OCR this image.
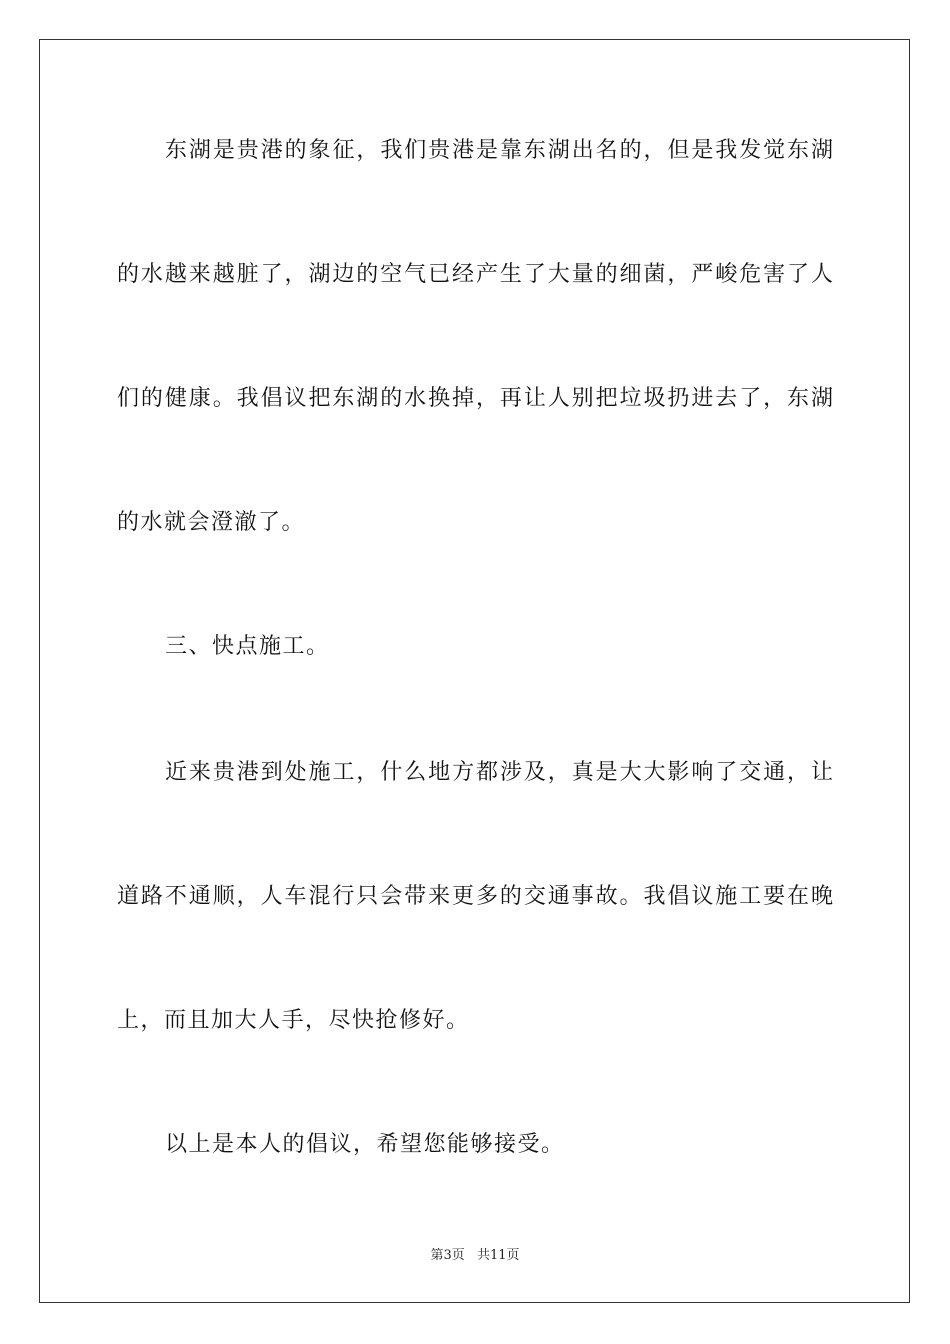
东湖是贵港的象征，我们贵港是靠东湖出名的，但是我发觉东湖
的水越来越脏了，湖边的空气已经产生了大量的细菌，严峻危害了人
们的健康。我倡议把东湖的水换掉，再让人别把垃圾扔进去了，东湖
的水就会澄澈了。
三、快点施工。
近来贵港到处施工，什么地方都涉及，真是大大影响了交通，让
道路不通顺，人车混行只会带来更多的交通事故。我倡议施工要在晚
上，而且加大人手，尽快抢修好。
以上是本人的倡议，希望您能够接受。
第3页 共11页
